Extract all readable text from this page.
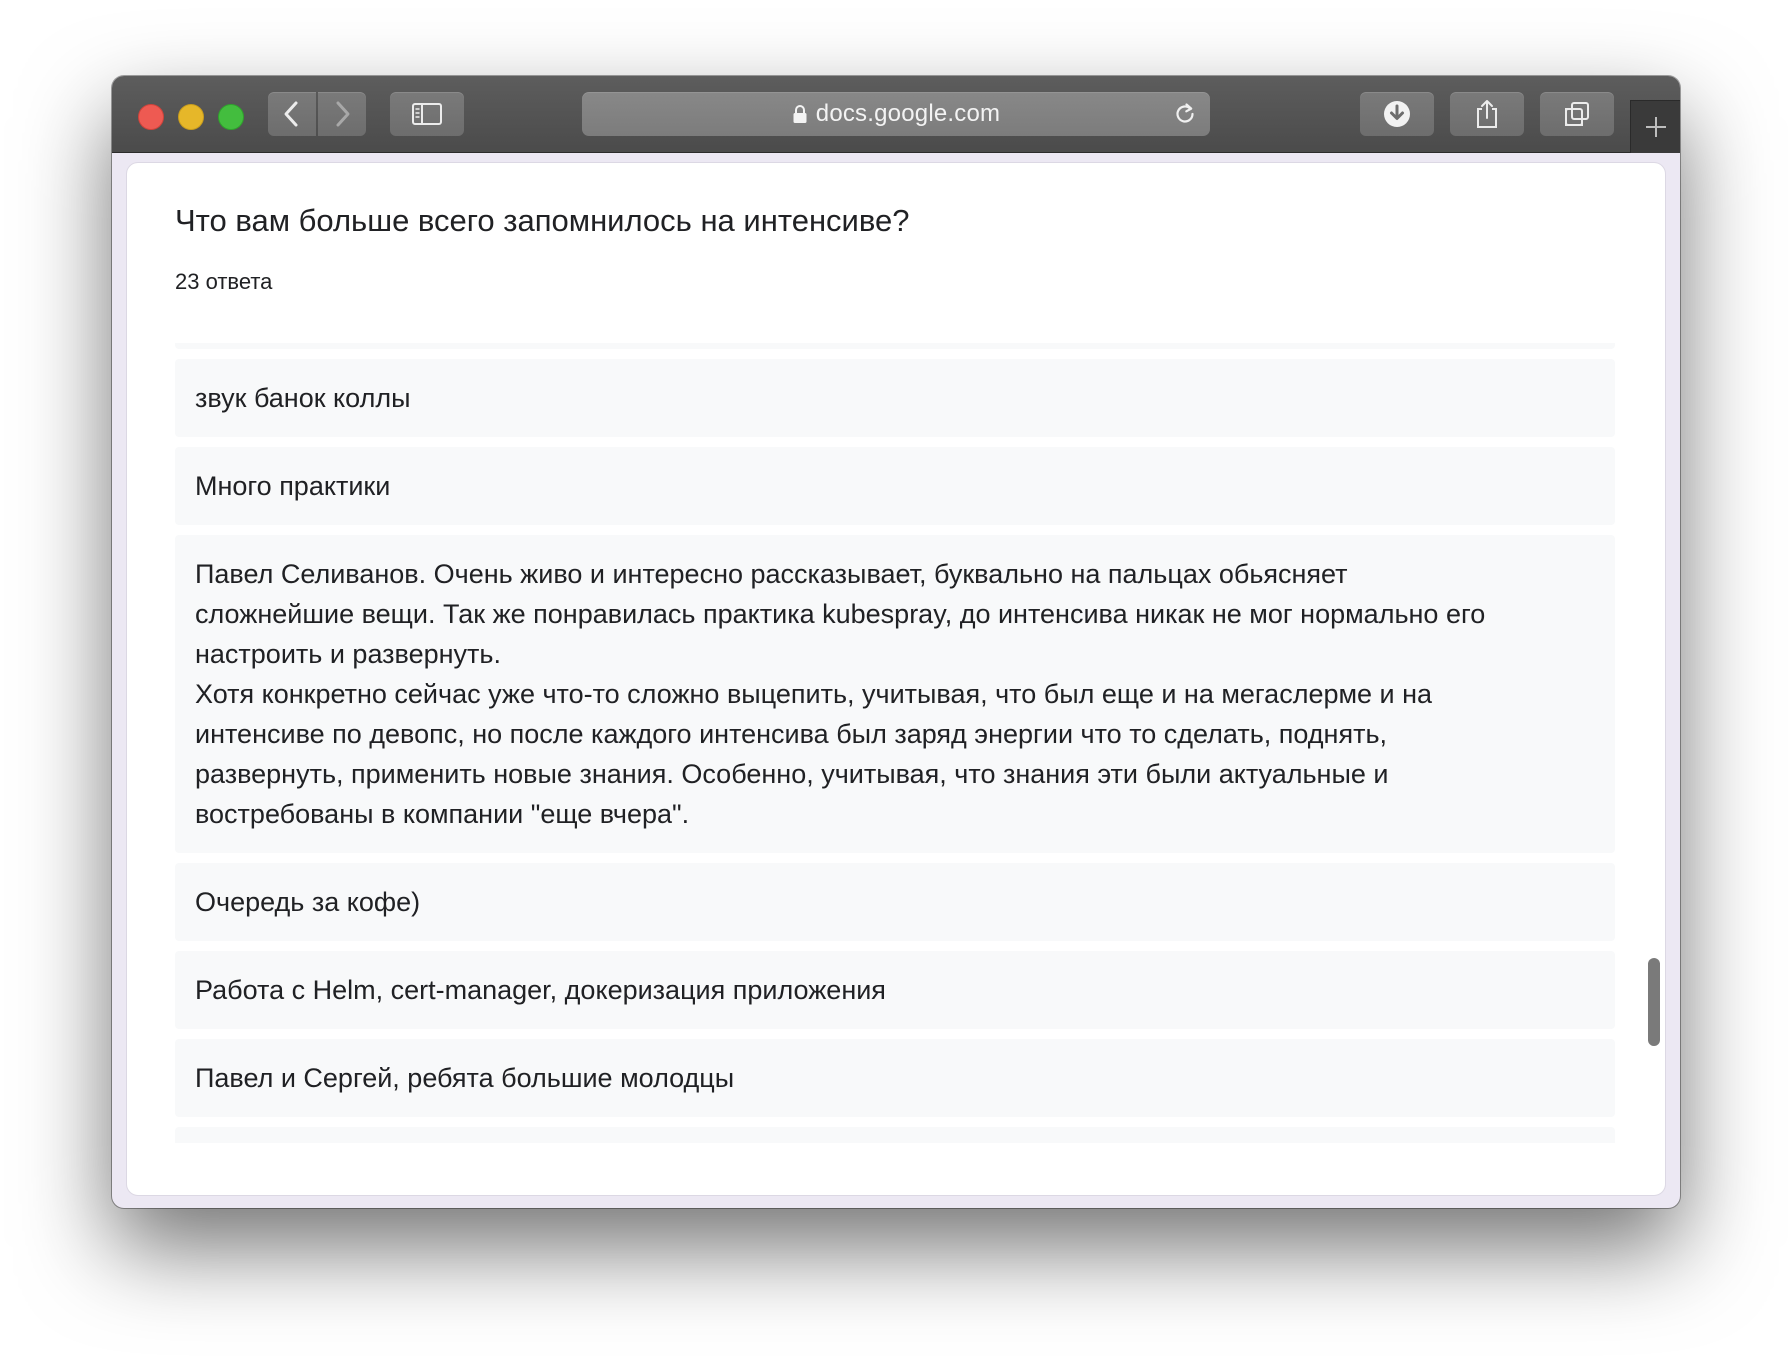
docs.google.com
Что вам больше всего запомнилось на интенсиве?
23 ответа
звук банок коллы
Много практики
Павел Селиванов. Очень живо и интересно рассказывает, буквально на пальцах обьясняет
сложнейшие вещи. Так же понравилась практика kubespray, до интенсива никак не мог нормально его
настроить и развернуть.
Хотя конкретно сейчас уже что-то сложно выцепить, учитывая, что был еще и на мегаслерме и на
интенсиве по девопс, но после каждого интенсива был заряд энергии что то сделать, поднять,
развернуть, применить новые знания. Особенно, учитывая, что знания эти были актуальные и
востребованы в компании "еще вчера".
Очередь за кофе)
Работа с Helm, cert-manager, докеризация приложения
Павел и Сергей, ребята большие молодцы
